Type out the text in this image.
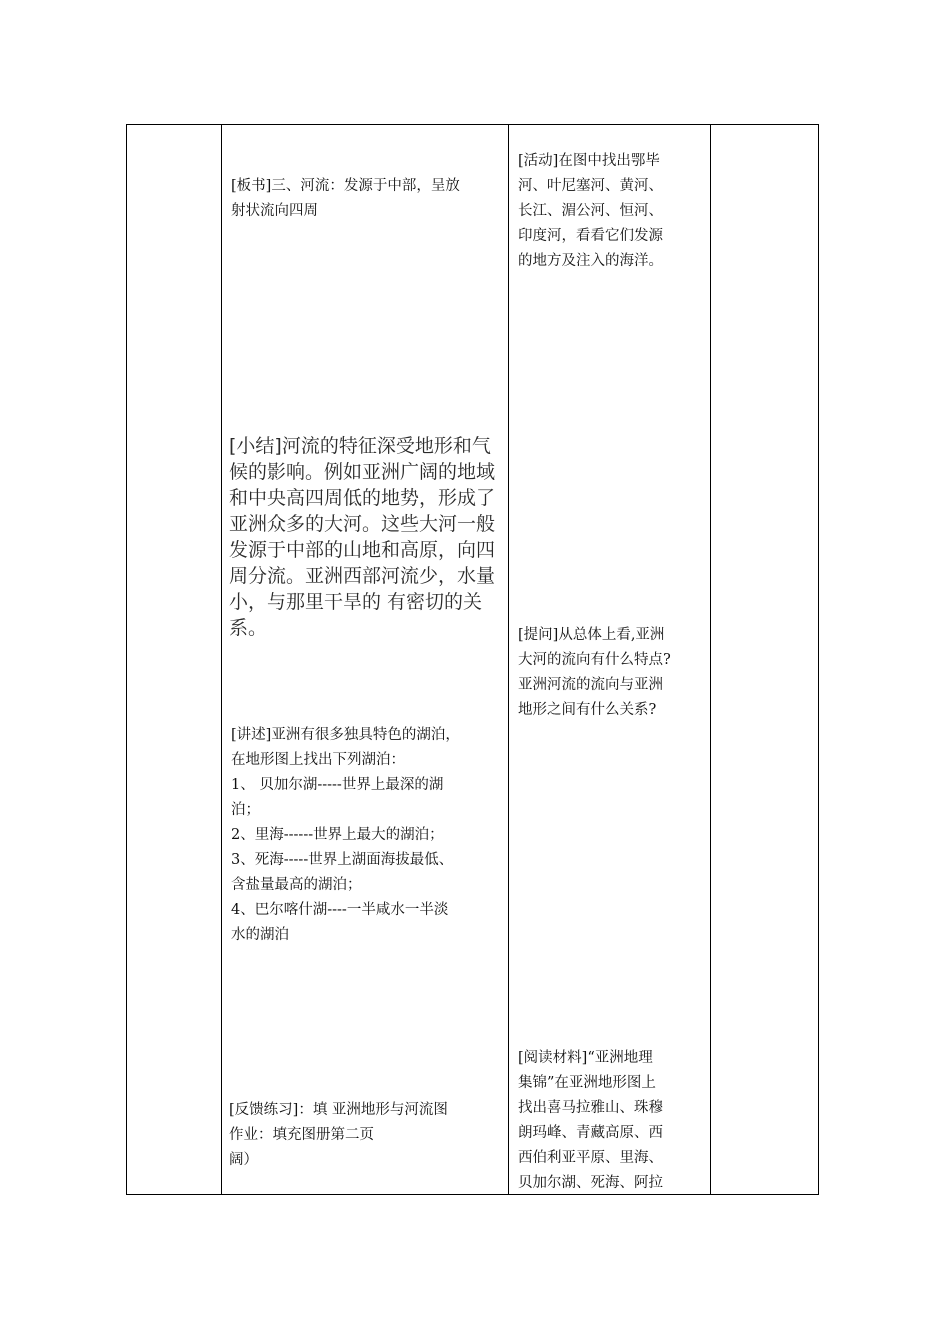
[板书]三、河流：发源于中部，呈放

射状流向四周

[小结]河流的特征深受地形和气

候的影响。例如亚洲广阔的地域

和中央高四周低的地势，形成了

亚洲众多的大河。这些大河一般

发源于中部的山地和高原，向四

周分流。亚洲西部河流少，水量

小，与那里干旱的 有密切的关

系。

[讲述]亚洲有很多独具特色的湖泊，

在地形图上找出下列湖泊：

1、 贝加尔湖-----世界上最深的湖

泊；

2、里海------世界上最大的湖泊；

3、死海-----世界上湖面海拔最低、

含盐量最高的湖泊；

4、巴尔喀什湖----一半咸水一半淡

水的湖泊

[反馈练习]：填 亚洲地形与河流图

作业：填充图册第二页

阔）

[活动]在图中找出鄂毕

河、叶尼塞河、黄河、

长江、湄公河、恒河、

印度河，看看它们发源

的地方及注入的海洋。

[提问]从总体上看,亚洲

大河的流向有什么特点?

亚洲河流的流向与亚洲

地形之间有什么关系?

[阅读材料]“亚洲地理

集锦”在亚洲地形图上

找出喜马拉雅山、珠穆

朗玛峰、青藏高原、西

西伯利亚平原、里海、

贝加尔湖、死海、阿拉
